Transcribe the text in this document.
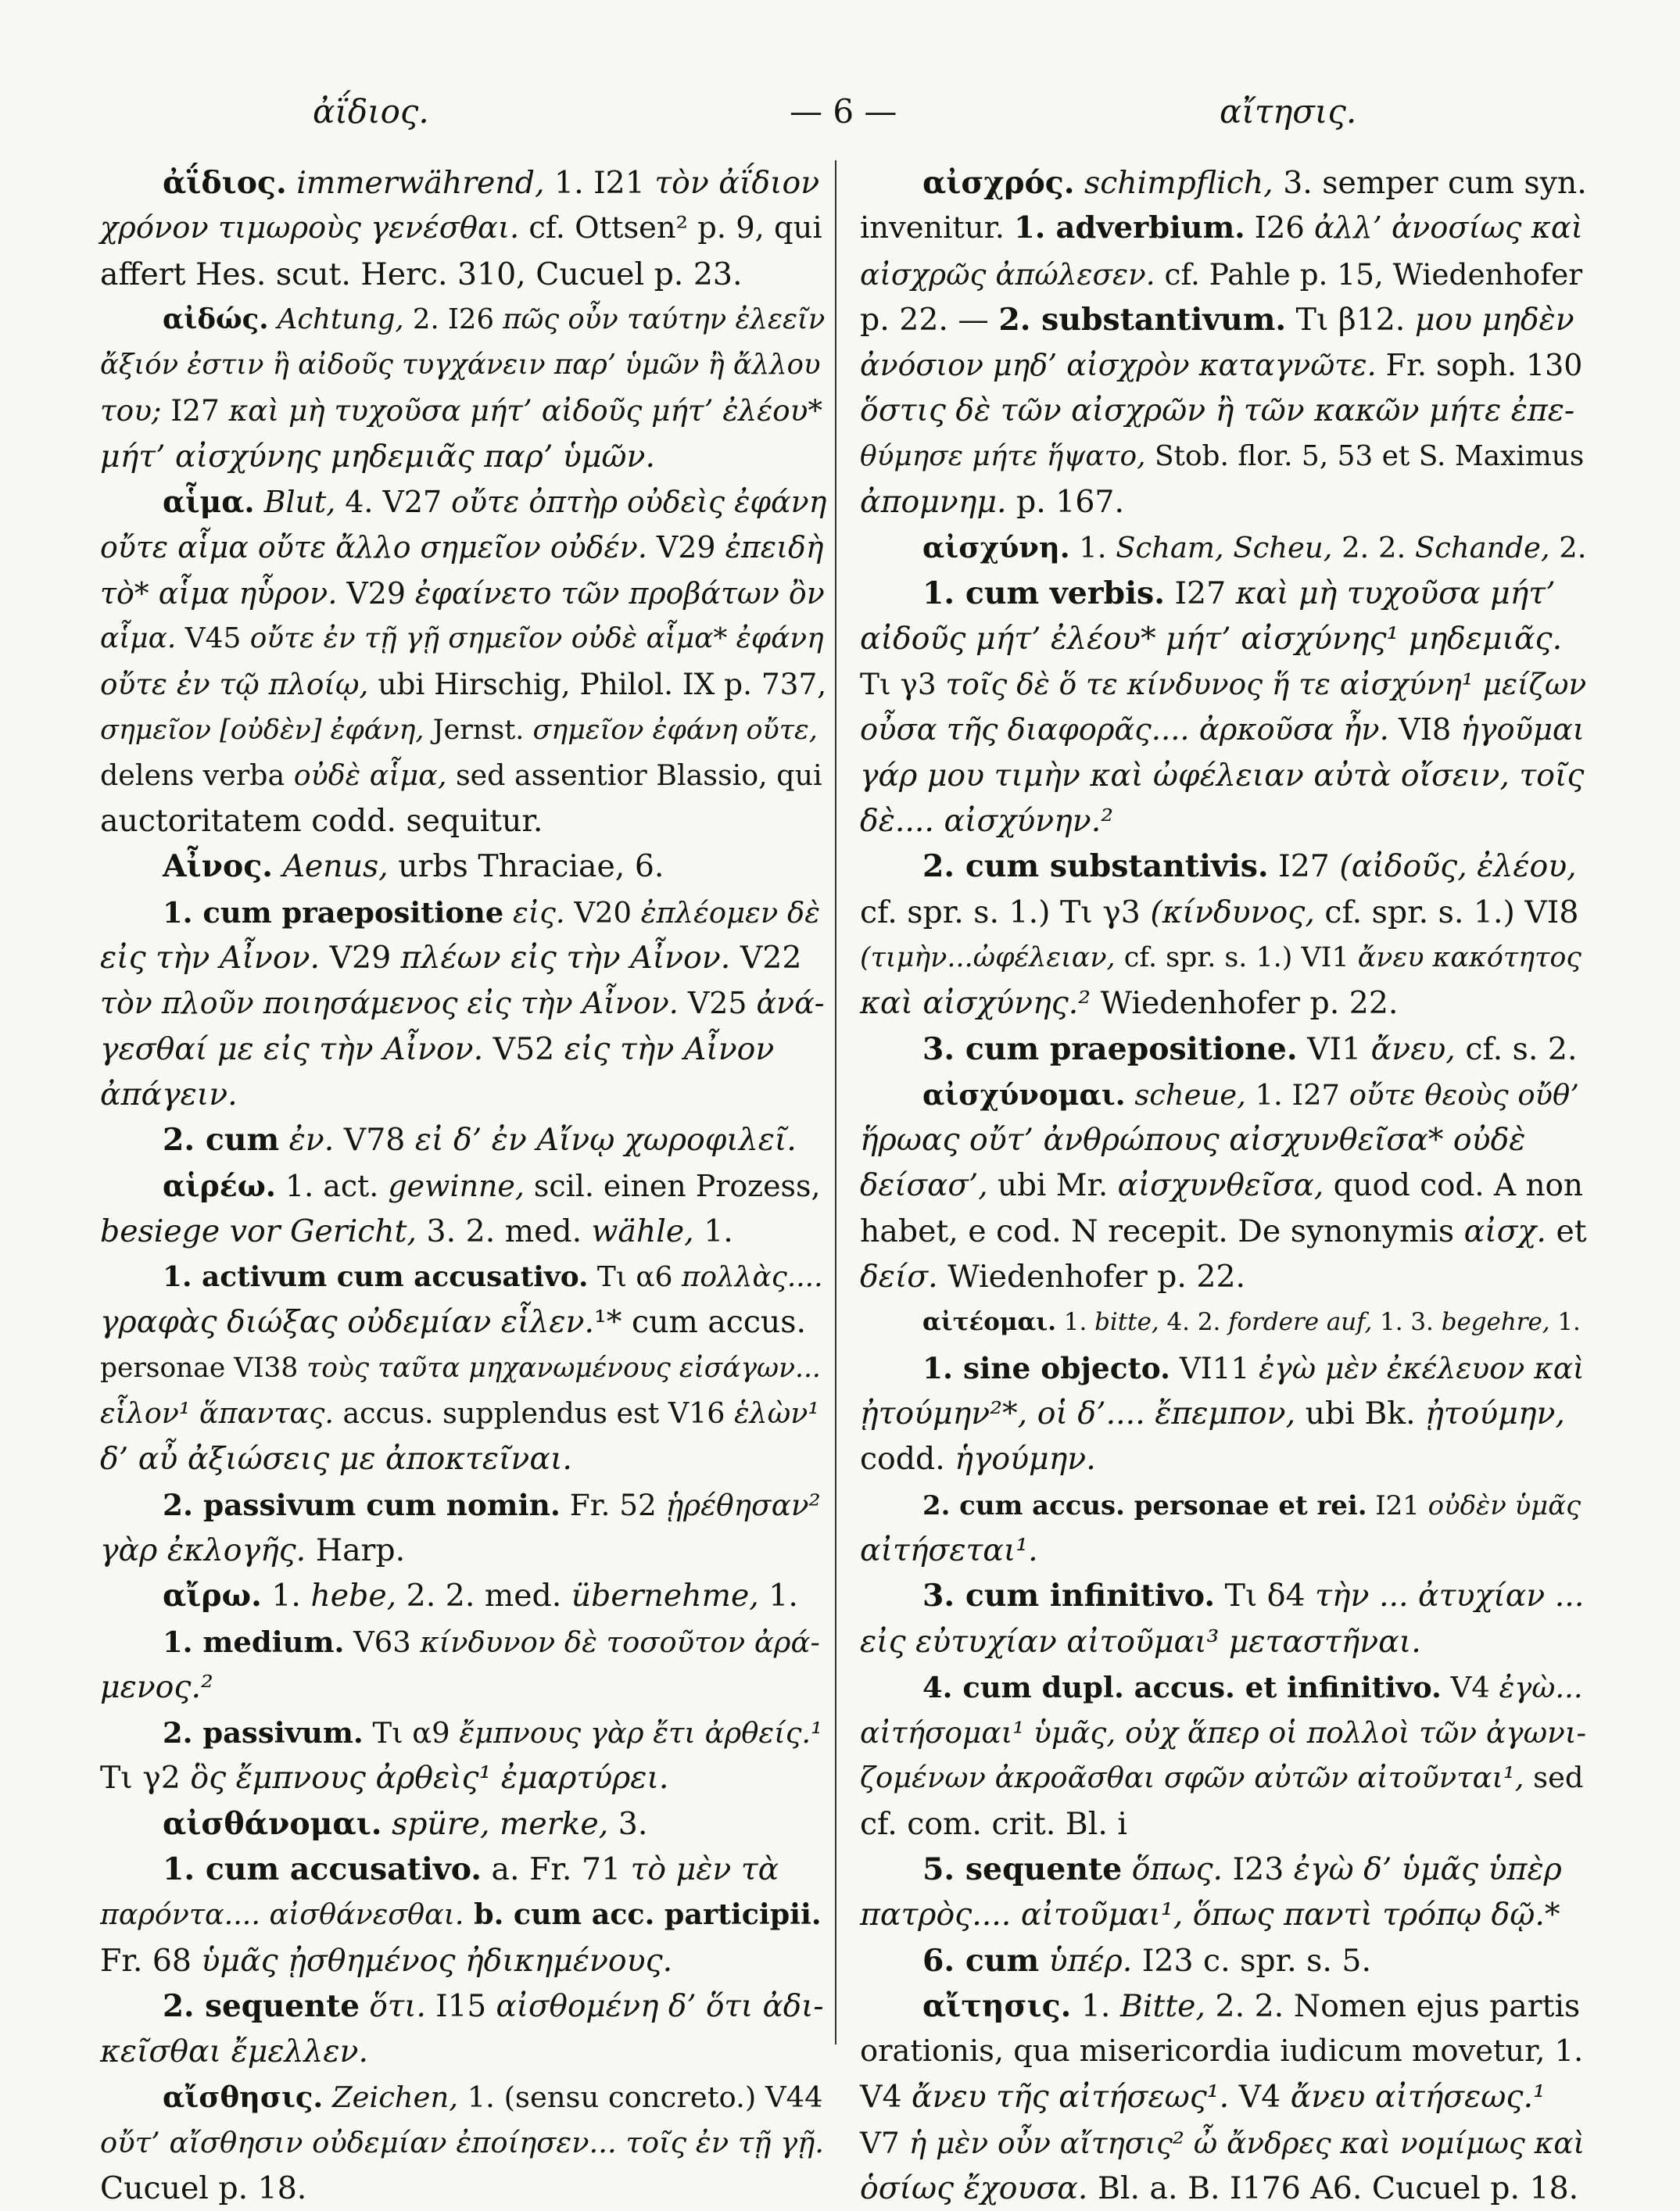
ἀΐδιος.	— 6 —	αἴτησις.
ἀΐδιος. immerwährend, 1. I21 τὸν ἀΐδιον
χρόνον τιμωροὺς γενέσθαι. cf. Ottsen² p. 9, qui
affert Hes. scut. Herc. 310, Cucuel p. 23.
αἰδώς. Achtung, 2. I26 πῶς οὖν ταύτην ἐλεεῖν
ἄξιόν ἐστιν ἢ αἰδοῦς τυγχάνειν παρ’ ὑμῶν ἢ ἄλλου
του; I27 καὶ μὴ τυχοῦσα μήτ’ αἰδοῦς μήτ’ ἐλέου*
μήτ’ αἰσχύνης μηδεμιᾶς παρ’ ὑμῶν.
αἷμα. Blut, 4. V27 οὔτε ὀπτὴρ οὐδεὶς ἐφάνη
οὔτε αἷμα οὔτε ἄλλο σημεῖον οὐδέν. V29 ἐπειδὴ
τὸ* αἷμα ηὗρον. V29 ἐφαίνετο τῶν προβάτων ὂν
αἷμα. V45 οὔτε ἐν τῇ γῇ σημεῖον οὐδὲ αἷμα* ἐφάνη
οὔτε ἐν τῷ πλοίῳ, ubi Hirschig, Philol. IX p. 737,
σημεῖον [οὐδὲν] ἐφάνη, Jernst. σημεῖον ἐφάνη οὔτε,
delens verba οὐδὲ αἷμα, sed assentior Blassio, qui
auctoritatem codd. sequitur.
Αἶνος. Aenus, urbs Thraciae, 6.
1. cum praepositione εἰς. V20 ἐπλέομεν δὲ
εἰς τὴν Αἶνον. V29 πλέων εἰς τὴν Αἶνον. V22
τὸν πλοῦν ποιησάμενος εἰς τὴν Αἶνον. V25 ἀνά-
γεσθαί με εἰς τὴν Αἶνον. V52 εἰς τὴν Αἶνον
ἀπάγειν.
2. cum ἐν. V78 εἰ δ’ ἐν Αἴνῳ χωροφιλεῖ.
αἱρέω. 1. act. gewinne, scil. einen Prozess,
besiege vor Gericht, 3. 2. med. wähle, 1.
1. activum cum accusativo. Tι α6 πολλὰς....
γραφὰς διώξας οὐδεμίαν εἷλεν.¹* cum accus.
personae VI38 τοὺς ταῦτα μηχανωμένους εἰσάγων...
εἷλον¹ ἅπαντας. accus. supplendus est V16 ἑλὼν¹
δ’ αὖ ἀξιώσεις με ἀποκτεῖναι.
2. passivum cum nomin. Fr. 52 ᾑρέθησαν²
γὰρ ἐκλογῆς. Harp.
αἴρω. 1. hebe, 2. 2. med. übernehme, 1.
1. medium. V63 κίνδυνον δὲ τοσοῦτον ἀρά-
μενος.²
2. passivum. Tι α9 ἔμπνους γὰρ ἔτι ἀρθείς.¹
Tι γ2 ὃς ἔμπνους ἀρθεὶς¹ ἐμαρτύρει.
αἰσθάνομαι. spüre, merke, 3.
1. cum accusativo. a. Fr. 71 τὸ μὲν τὰ
παρόντα.... αἰσθάνεσθαι. b. cum acc. participii.
Fr. 68 ὑμᾶς ᾐσθημένος ἠδικημένους.
2. sequente ὅτι. I15 αἰσθομένη δ’ ὅτι ἀδι-
κεῖσθαι ἔμελλεν.
αἴσθησις. Zeichen, 1. (sensu concreto.) V44
οὔτ’ αἴσθησιν οὐδεμίαν ἐποίησεν... τοῖς ἐν τῇ γῇ.
Cucuel p. 18.
αἰσχρός. schimpflich, 3. semper cum syn.
invenitur. 1. adverbium. I26 ἀλλ’ ἀνοσίως καὶ
αἰσχρῶς ἀπώλεσεν. cf. Pahle p. 15, Wiedenhofer
p. 22. — 2. substantivum. Tι β12. μου μηδὲν
ἀνόσιον μηδ’ αἰσχρὸν καταγνῶτε. Fr. soph. 130
ὅστις δὲ τῶν αἰσχρῶν ἢ τῶν κακῶν μήτε ἐπε-
θύμησε μήτε ἥψατο, Stob. flor. 5, 53 et S. Maximus
ἀπομνημ. p. 167.
αἰσχύνη. 1. Scham, Scheu, 2. 2. Schande, 2.
1. cum verbis. I27 καὶ μὴ τυχοῦσα μήτ’
αἰδοῦς μήτ’ ἐλέου* μήτ’ αἰσχύνης¹ μηδεμιᾶς.
Tι γ3 τοῖς δὲ ὅ τε κίνδυνος ἥ τε αἰσχύνη¹ μείζων
οὖσα τῆς διαφορᾶς.... ἀρκοῦσα ἦν. VI8 ἡγοῦμαι
γάρ μου τιμὴν καὶ ὠφέλειαν αὐτὰ οἴσειν, τοῖς
δὲ.... αἰσχύνην.²
2. cum substantivis. I27 (αἰδοῦς, ἐλέου,
cf. spr. s. 1.) Tι γ3 (κίνδυνος, cf. spr. s. 1.) VI8
(τιμὴν...ὠφέλειαν, cf. spr. s. 1.) VI1 ἄνευ κακότητος
καὶ αἰσχύνης.² Wiedenhofer p. 22.
3. cum praepositione. VI1 ἄνευ, cf. s. 2.
αἰσχύνομαι. scheue, 1. I27 οὔτε θεοὺς οὔθ’
ἥρωας οὔτ’ ἀνθρώπους αἰσχυνθεῖσα* οὐδὲ
δείσασ’, ubi Mr. αἰσχυνθεῖσα, quod cod. A non
habet, e cod. N recepit. De synonymis αἰσχ. et
δείσ. Wiedenhofer p. 22.
αἰτέομαι. 1. bitte, 4. 2. fordere auf, 1. 3. begehre, 1.
1. sine objecto. VI11 ἐγὼ μὲν ἐκέλευον καὶ
ᾐτούμην²*, οἱ δ’.... ἔπεμπον, ubi Bk. ᾐτούμην,
codd. ἡγούμην.
2. cum accus. personae et rei. I21 οὐδὲν ὑμᾶς
αἰτήσεται¹.
3. cum infinitivo. Tι δ4 τὴν ... ἀτυχίαν ...
εἰς εὐτυχίαν αἰτοῦμαι³ μεταστῆναι.
4. cum dupl. accus. et infinitivo. V4 ἐγὼ...
αἰτήσομαι¹ ὑμᾶς, οὐχ ἅπερ οἱ πολλοὶ τῶν ἀγωνι-
ζομένων ἀκροᾶσθαι σφῶν αὐτῶν αἰτοῦνται¹, sed
cf. com. crit. Bl. i
5. sequente ὅπως. I23 ἐγὼ δ’ ὑμᾶς ὑπὲρ
πατρὸς.... αἰτοῦμαι¹, ὅπως παντὶ τρόπῳ δῷ.*
6. cum ὑπέρ. I23 c. spr. s. 5.
αἴτησις. 1. Bitte, 2. 2. Nomen ejus partis
orationis, qua misericordia iudicum movetur, 1.
V4 ἄνευ τῆς αἰτήσεως¹. V4 ἄνευ αἰτήσεως.¹
V7 ἡ μὲν οὖν αἴτησις² ὦ ἄνδρες καὶ νομίμως καὶ
ὁσίως ἔχουσα. Bl. a. B. I176 A6. Cucuel p. 18.
